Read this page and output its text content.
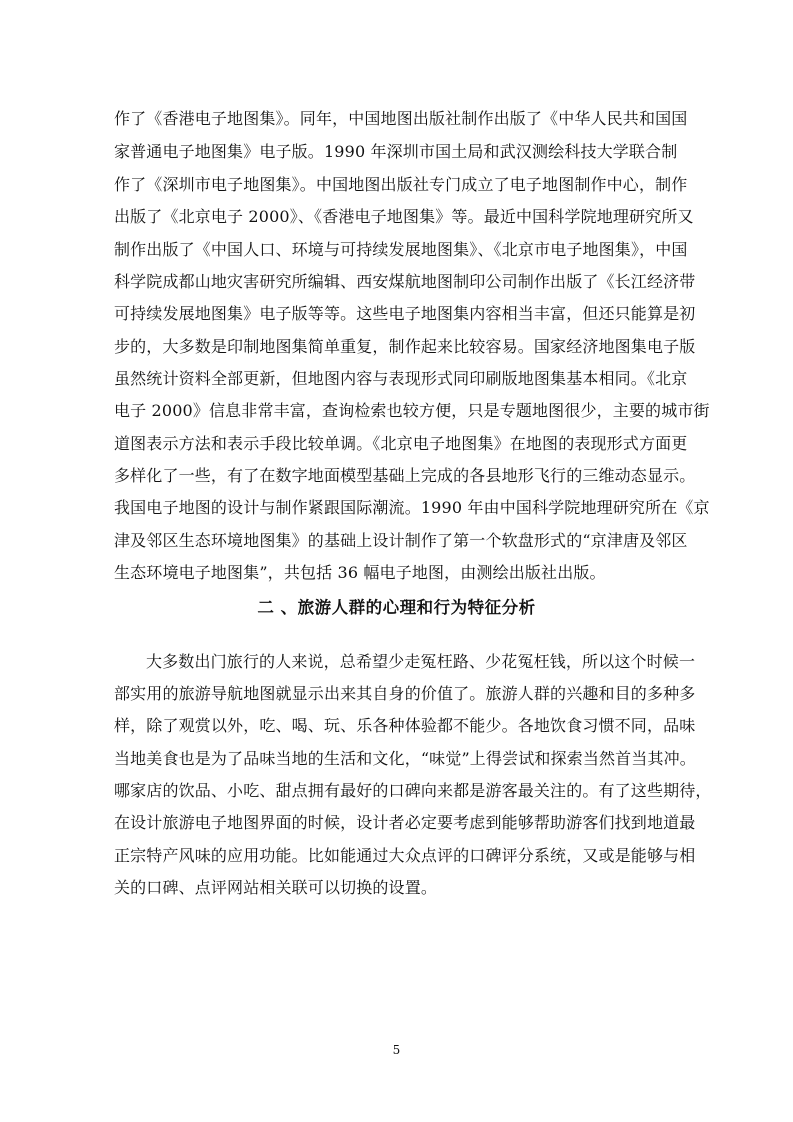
作了《香港电子地图集》。同年，中国地图出版社制作出版了《中华人民共和国国
家普通电子地图集》电子版。1990 年深圳市国土局和武汉测绘科技大学联合制
作了《深圳市电子地图集》。中国地图出版社专门成立了电子地图制作中心，制作
出版了《北京电子 2000》、《香港电子地图集》等。最近中国科学院地理研究所又
制作出版了《中国人口、环境与可持续发展地图集》、《北京市电子地图集》，中国
科学院成都山地灾害研究所编辑、西安煤航地图制印公司制作出版了《长江经济带
可持续发展地图集》电子版等等。这些电子地图集内容相当丰富，但还只能算是初
步的，大多数是印制地图集简单重复，制作起来比较容易。国家经济地图集电子版
虽然统计资料全部更新，但地图内容与表现形式同印刷版地图集基本相同。《北京
电子 2000》信息非常丰富，查询检索也较方便，只是专题地图很少，主要的城市街
道图表示方法和表示手段比较单调。《北京电子地图集》在地图的表现形式方面更
多样化了一些，有了在数字地面模型基础上完成的各县地形飞行的三维动态显示。
我国电子地图的设计与制作紧跟国际潮流。1990 年由中国科学院地理研究所在《京
津及邻区生态环境地图集》的基础上设计制作了第一个软盘形式的“京津唐及邻区
生态环境电子地图集”，共包括 36 幅电子地图，由测绘出版社出版。
二 、旅游人群的心理和行为特征分析
大多数出门旅行的人来说，总希望少走冤枉路、少花冤枉钱，所以这个时候一
部实用的旅游导航地图就显示出来其自身的价值了。旅游人群的兴趣和目的多种多
样，除了观赏以外，吃、喝、玩、乐各种体验都不能少。各地饮食习惯不同，品味
当地美食也是为了品味当地的生活和文化，“味觉”上得尝试和探索当然首当其冲。
哪家店的饮品、小吃、甜点拥有最好的口碑向来都是游客最关注的。有了这些期待，
在设计旅游电子地图界面的时候，设计者必定要考虑到能够帮助游客们找到地道最
正宗特产风味的应用功能。比如能通过大众点评的口碑评分系统，又或是能够与相
关的口碑、点评网站相关联可以切换的设置。
5
